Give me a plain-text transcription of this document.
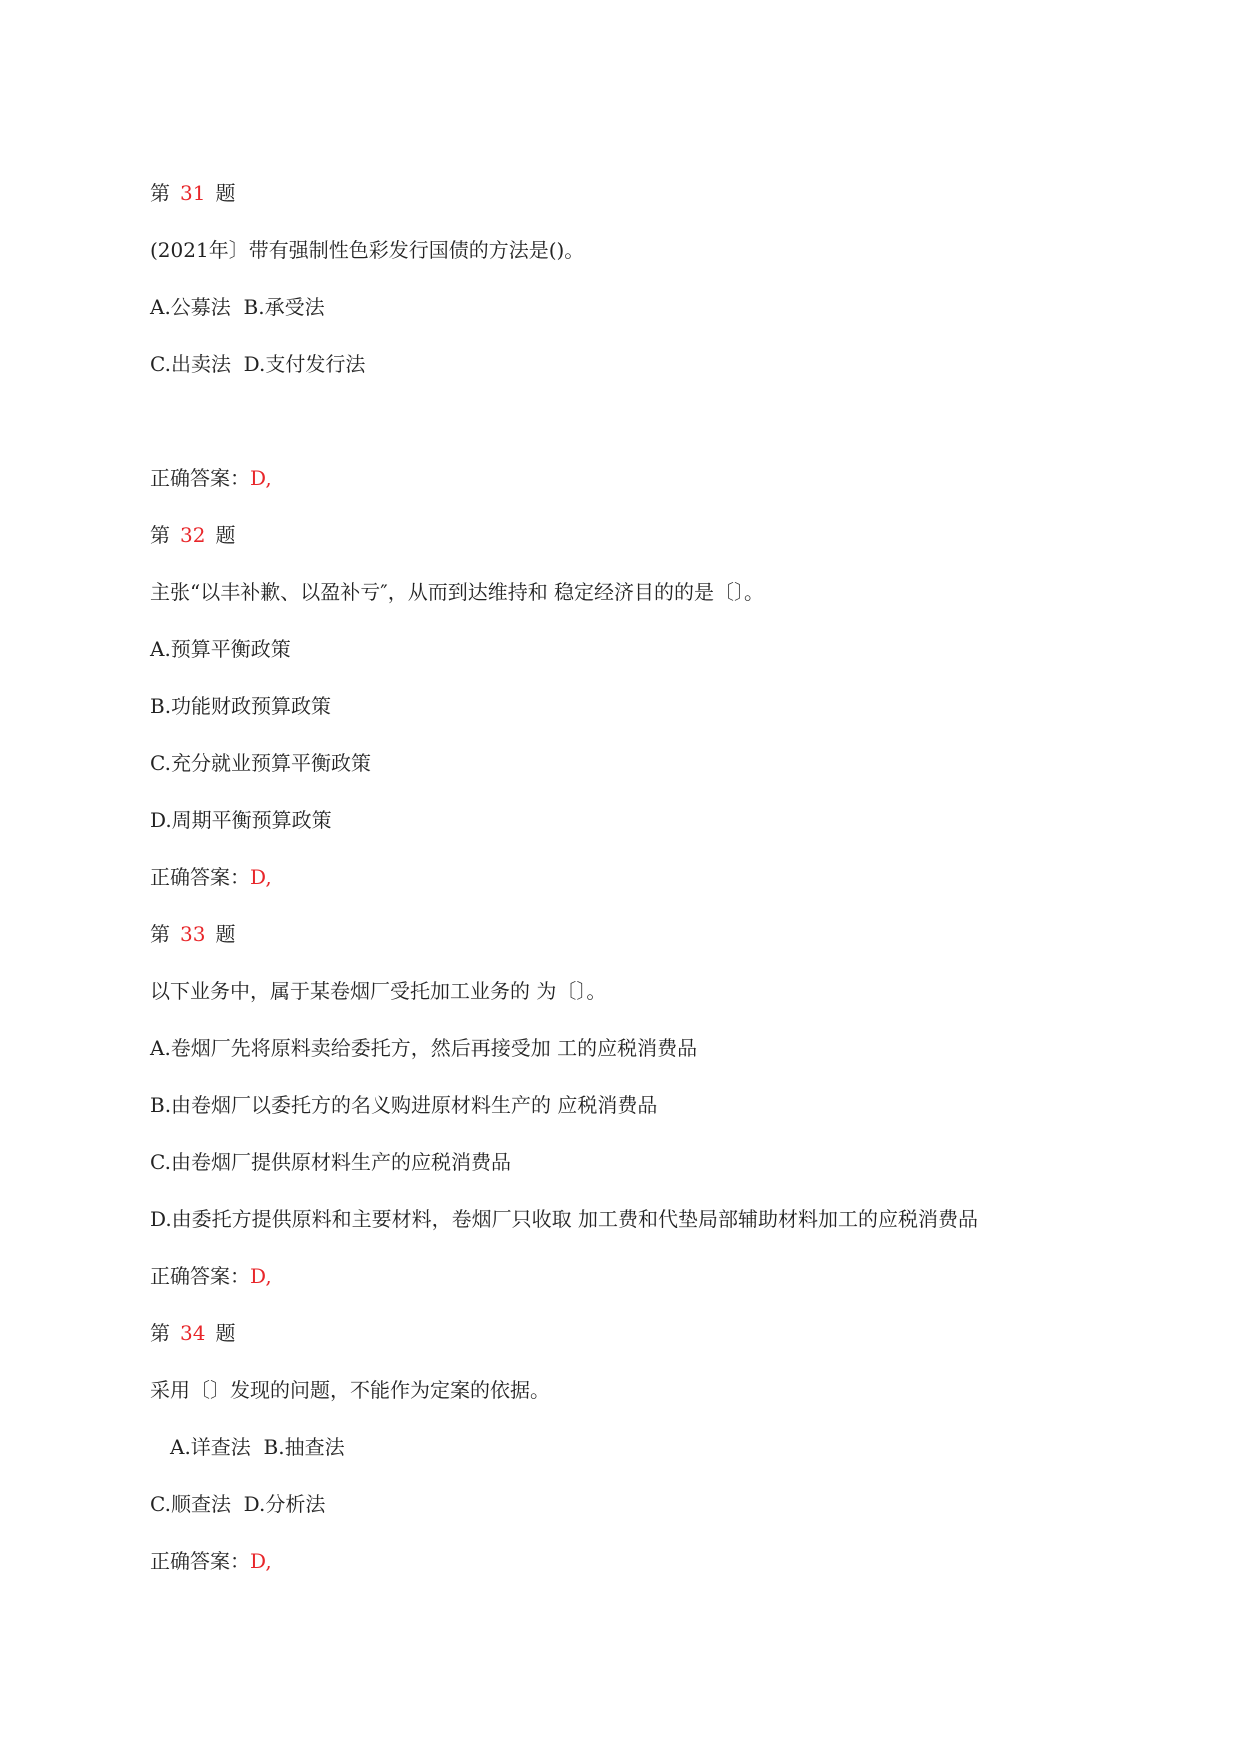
第 31 题
(2021年〕带有强制性色彩发行国债的方法是()。
A.公募法  B.承受法
C.出卖法  D.支付发行法
正确答案：D,
第 32 题
主张“以丰补歉、以盈补亏″，从而到达维持和 稳定经济目的的是〔〕。
A.预算平衡政策
B.功能财政预算政策
C.充分就业预算平衡政策
D.周期平衡预算政策
正确答案：D,
第 33 题
以下业务中，属于某卷烟厂受托加工业务的 为〔〕。
A.卷烟厂先将原料卖给委托方，然后再接受加 工的应税消费品
B.由卷烟厂以委托方的名义购进原材料生产的 应税消费品
C.由卷烟厂提供原材料生产的应税消费品
D.由委托方提供原料和主要材料，卷烟厂只收取 加工费和代垫局部辅助材料加工的应税消费品
正确答案：D,
第 34 题
采用〔〕发现的问题，不能作为定案的依据。
A.详查法  B.抽查法
C.顺查法  D.分析法
正确答案：D,
